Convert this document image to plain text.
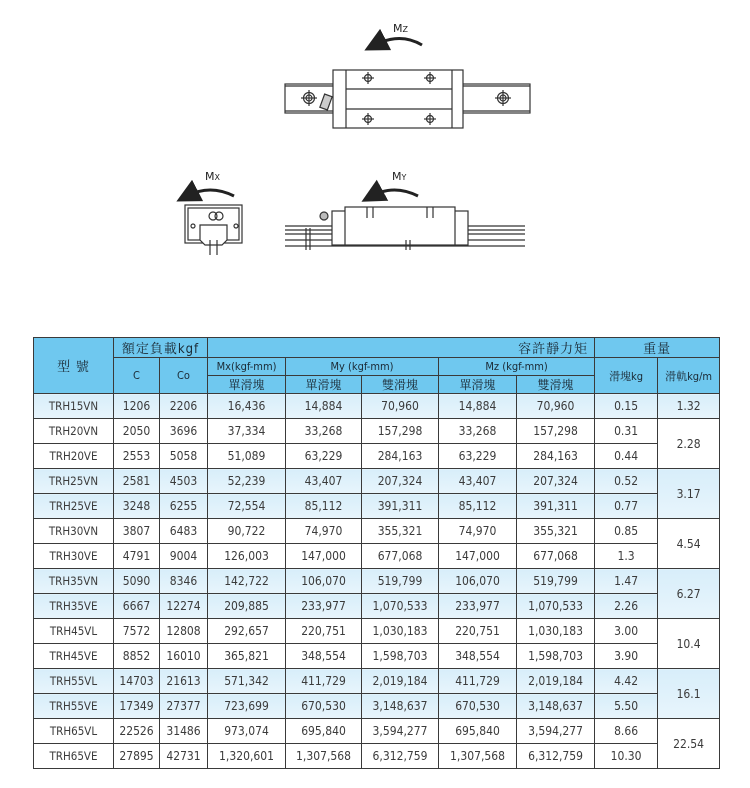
MZ
MX	MY
型 號	額定負載kgf		容許靜力矩					重量	
	C	Co	Mx(kgf-mm)	My (kgf-mm)		Mz (kgf-mm)		滑塊kg	滑軌kg/m
			單滑塊	單滑塊	雙滑塊	單滑塊	雙滑塊		
TRH15VN	1206	2206	16,436	14,884	70,960	14,884	70,960	0.15	1.32
TRH20VN	2050	3696	37,334	33,268	157,298	33,268	157,298	0.31	2.28
TRH20VE	2553	5058	51,089	63,229	284,163	63,229	284,163	0.44	
TRH25VN	2581	4503	52,239	43,407	207,324	43,407	207,324	0.52	3.17
TRH25VE	3248	6255	72,554	85,112	391,311	85,112	391,311	0.77	
TRH30VN	3807	6483	90,722	74,970	355,321	74,970	355,321	0.85	4.54
TRH30VE	4791	9004	126,003	147,000	677,068	147,000	677,068	1.3	
TRH35VN	5090	8346	142,722	106,070	519,799	106,070	519,799	1.47	6.27
TRH35VE	6667	12274	209,885	233,977	1,070,533	233,977	1,070,533	2.26	
TRH45VL	7572	12808	292,657	220,751	1,030,183	220,751	1,030,183	3.00	10.4
TRH45VE	8852	16010	365,821	348,554	1,598,703	348,554	1,598,703	3.90	
TRH55VL	14703	21613	571,342	411,729	2,019,184	411,729	2,019,184	4.42	16.1
TRH55VE	17349	27377	723,699	670,530	3,148,637	670,530	3,148,637	5.50	
TRH65VL	22526	31486	973,074	695,840	3,594,277	695,840	3,594,277	8.66	22.54
TRH65VE	27895	42731	1,320,601	1,307,568	6,312,759	1,307,568	6,312,759	10.30	
